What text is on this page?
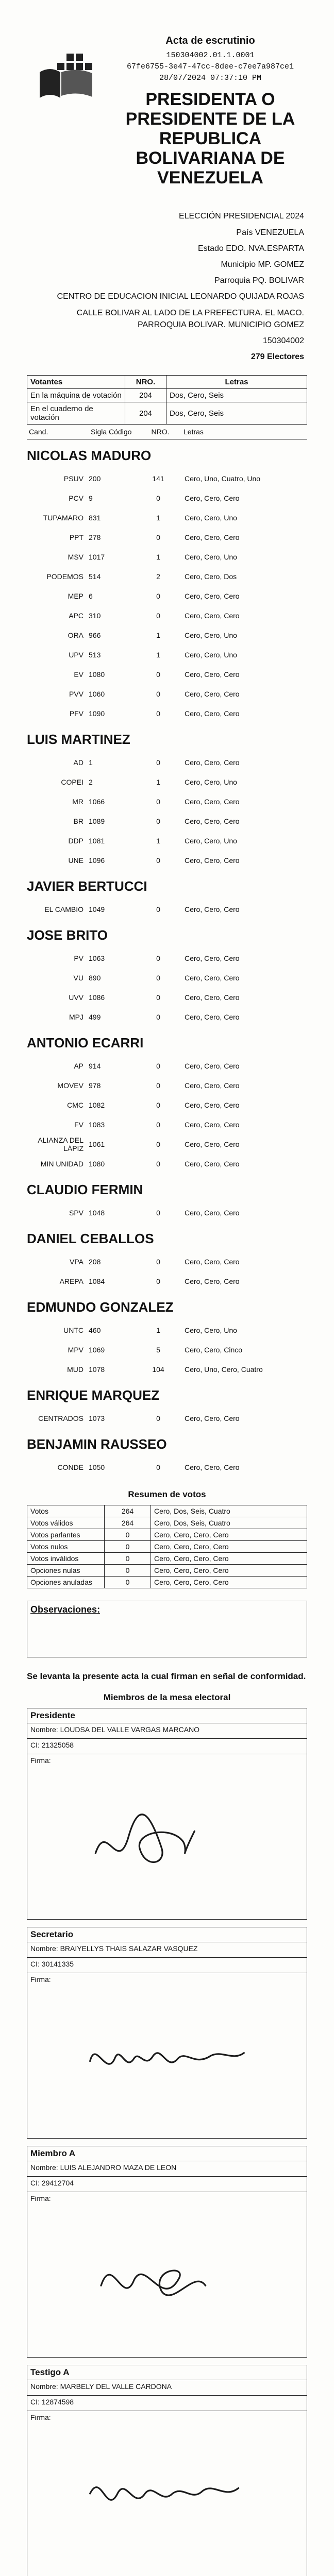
Acta de escrutinio
150304002.01.1.0001
67fe6755-3e47-47cc-8dee-c7ee7a987ce1
28/07/2024 07:37:10 PM
PRESIDENTA O PRESIDENTE DE LA REPUBLICA BOLIVARIANA DE VENEZUELA
ELECCIÓN PRESIDENCIAL 2024
País VENEZUELA
Estado EDO. NVA.ESPARTA
Municipio MP. GOMEZ
Parroquia PQ. BOLIVAR
CENTRO DE EDUCACION INICIAL LEONARDO QUIJADA ROJAS
CALLE BOLIVAR AL LADO DE LA PREFECTURA. EL MACO. PARROQUIA BOLIVAR. MUNICIPIO GOMEZ
150304002
279 Electores
Votantes	NRO.	Letras
En la máquina de votación	204	Dos, Cero, Seis
En el cuaderno de votación	204	Dos, Cero, Seis
Cand.	Sigla Código	NRO.	Letras
NICOLAS MADURO
PSUV 200	141	Cero, Uno, Cuatro, Uno
PCV 9	0	Cero, Cero, Cero
TUPAMARO 831	1	Cero, Cero, Uno
PPT 278	0	Cero, Cero, Cero
MSV 1017	1	Cero, Cero, Uno
PODEMOS 514	2	Cero, Cero, Dos
MEP 6	0	Cero, Cero, Cero
APC 310	0	Cero, Cero, Cero
ORA 966	1	Cero, Cero, Uno
UPV 513	1	Cero, Cero, Uno
EV 1080	0	Cero, Cero, Cero
PVV 1060	0	Cero, Cero, Cero
PFV 1090	0	Cero, Cero, Cero
LUIS MARTINEZ
AD 1	0	Cero, Cero, Cero
COPEI 2	1	Cero, Cero, Uno
MR 1066	0	Cero, Cero, Cero
BR 1089	0	Cero, Cero, Cero
DDP 1081	1	Cero, Cero, Uno
UNE 1096	0	Cero, Cero, Cero
JAVIER BERTUCCI
EL CAMBIO 1049	0	Cero, Cero, Cero
JOSE BRITO
PV 1063	0	Cero, Cero, Cero
VU 890	0	Cero, Cero, Cero
UVV 1086	0	Cero, Cero, Cero
MPJ 499	0	Cero, Cero, Cero
ANTONIO ECARRI
AP 914	0	Cero, Cero, Cero
MOVEV 978	0	Cero, Cero, Cero
CMC 1082	0	Cero, Cero, Cero
FV 1083	0	Cero, Cero, Cero
ALIANZA DEL LÁPIZ 1061	0	Cero, Cero, Cero
MIN UNIDAD 1080	0	Cero, Cero, Cero
CLAUDIO FERMIN
SPV 1048	0	Cero, Cero, Cero
DANIEL CEBALLOS
VPA 208	0	Cero, Cero, Cero
AREPA 1084	0	Cero, Cero, Cero
EDMUNDO GONZALEZ
UNTC 460	1	Cero, Cero, Uno
MPV 1069	5	Cero, Cero, Cinco
MUD 1078	104	Cero, Uno, Cero, Cuatro
ENRIQUE MARQUEZ
CENTRADOS 1073	0	Cero, Cero, Cero
BENJAMIN RAUSSEO
CONDE 1050	0	Cero, Cero, Cero
Resumen de votos
Votos	264	Cero, Dos, Seis, Cuatro
Votos válidos	264	Cero, Dos, Seis, Cuatro
Votos parlantes	0	Cero, Cero, Cero, Cero
Votos nulos	0	Cero, Cero, Cero, Cero
Votos inválidos	0	Cero, Cero, Cero, Cero
Opciones nulas	0	Cero, Cero, Cero, Cero
Opciones anuladas	0	Cero, Cero, Cero, Cero
Observaciones:
Se levanta la presente acta la cual firman en señal de conformidad.
Miembros de la mesa electoral
Presidente
Nombre: LOUDSA DEL VALLE VARGAS MARCANO
CI: 21325058
Firma:
Secretario
Nombre: BRAIYELLYS THAIS SALAZAR VASQUEZ
CI: 30141335
Firma:
Miembro A
Nombre: LUIS ALEJANDRO MAZA DE LEON
CI: 29412704
Firma:
Testigo A
Nombre: MARBELY DEL VALLE CARDONA
CI: 12874598
Firma:
